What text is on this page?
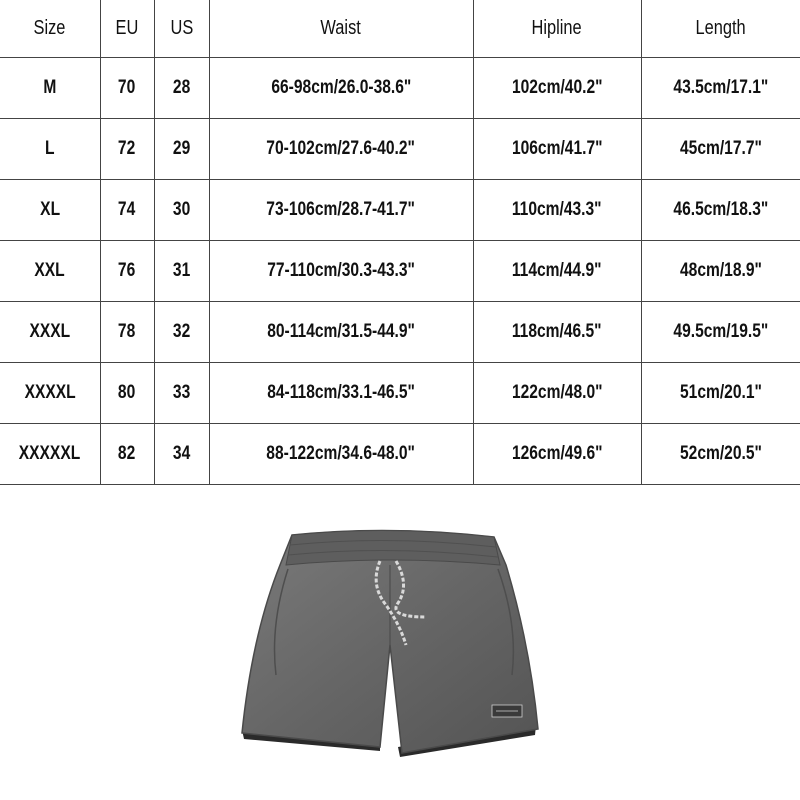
Size	EU	US	Waist	Hipline	Length
M	70	28	66-98cm/26.0-38.6"	102cm/40.2"	43.5cm/17.1"
L	72	29	70-102cm/27.6-40.2"	106cm/41.7"	45cm/17.7"
XL	74	30	73-106cm/28.7-41.7"	110cm/43.3"	46.5cm/18.3"
XXL	76	31	77-110cm/30.3-43.3"	114cm/44.9"	48cm/18.9"
XXXL	78	32	80-114cm/31.5-44.9"	118cm/46.5"	49.5cm/19.5"
XXXXL	80	33	84-118cm/33.1-46.5"	122cm/48.0"	51cm/20.1"
XXXXXL	82	34	88-122cm/34.6-48.0"	126cm/49.6"	52cm/20.5"
